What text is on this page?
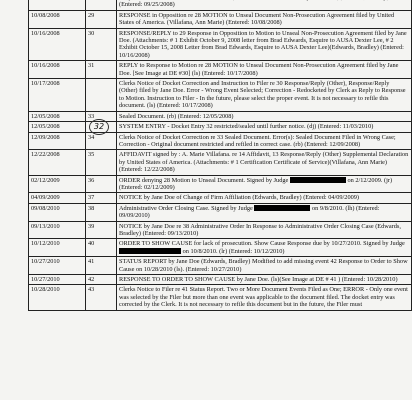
		(Entered: 09/25/2008)
10/08/2008	29	RESPONSE in Opposition re 28 MOTION to Unseal Document Non-Prosecution Agreement filed by United States of America. (Villafana, Ann Marie) (Entered: 10/08/2008)
10/16/2008	30	RESPONSE/REPLY to 29 Response in Opposition to Motion to Unseal Non-Prosecution Agreement filed by Jane Doe. (Attachments: # 1 Exhibit October 9, 2008 letter from Brad Edwards, Esquire to AUSA Dexter Lee, # 2 Exhibit October 15, 2008 Letter from Brad Edwards, Esquire to AUSA Dexter Lee)(Edwards, Bradley) (Entered: 10/16/2008)
10/16/2008	31	REPLY to Response to Motion re 28 MOTION to Unseal Document Non-Prosecution Agreement filed by Jane Doe. [See Image at DE #30] (ls) (Entered: 10/17/2008)
10/17/2008		Clerks Notice of Docket Correction and Instruction to Filer re 30 Response/Reply (Other), Response/Reply (Other) filed by Jane Doe. Error - Wrong Event Selected; Correction - Redocketed by Clerk as Reply to Response to Motion. Instruction to Filer - In the future, please select the proper event. It is not necessary to refile this document. (ls) (Entered: 10/17/2008)
12/05/2008	33	Sealed Document. (rb) (Entered: 12/05/2008)
12/05/2008	32	SYSTEM ENTRY - Docket Entry 32 restricted/sealed until further notice. (dj) (Entered: 11/03/2010)
12/09/2008	34	Clerks Notice of Docket Correction re 33 Sealed Document. Error(s): Sealed Document Filed in Wrong Case; Correction - Original document restricted and refiled in correct case. (rb) (Entered: 12/09/2008)
12/22/2008	35	AFFIDAVIT signed by : A. Marie Villafana. re 14 Affidavit, 13 Response/Reply (Other) Supplemental Declaration by United States of America. (Attachments: # 1 Certification Certificate of Service)(Villafana, Ann Marie) (Entered: 12/22/2008)
02/12/2009	36	ORDER denying 28 Motion to Unseal Document. Signed by Judge on 2/12/2009. (jr) (Entered: 02/12/2009)
04/09/2009	37	NOTICE by Jane Doe of Change of Firm Affiliation (Edwards, Bradley) (Entered: 04/09/2009)
09/08/2010	38	Administrative Order Closing Case. Signed by Judge on 9/8/2010. (lh) (Entered: 09/09/2010)
09/13/2010	39	NOTICE by Jane Doe re 38 Administrative Order In Response to Administrative Order Closing Case (Edwards, Bradley) (Entered: 09/13/2010)
10/12/2010	40	ORDER TO SHOW CAUSE for lack of prosecution. Show Cause Response due by 10/27/2010. Signed by Judge  on 10/8/2010. (lr) (Entered: 10/12/2010)
10/27/2010	41	STATUS REPORT by Jane Doe (Edwards, Bradley) Modified to add missing event 42 Response to Order to Show Cause on 10/28/2010 (ls). (Entered: 10/27/2010)
10/27/2010	42	RESPONSE TO ORDER TO SHOW CAUSE by Jane Doe. (ls)(See Image at DE # 41 ) (Entered: 10/28/2010)
10/28/2010	43	Clerks Notice to Filer re 41 Status Report. Two or More Document Events Filed as One; ERROR - Only one event was selected by the Filer but more than one event was applicable to the document filed. The docket entry was corrected by the Clerk. It is not necessary to refile this document but in the future, the Filer must
